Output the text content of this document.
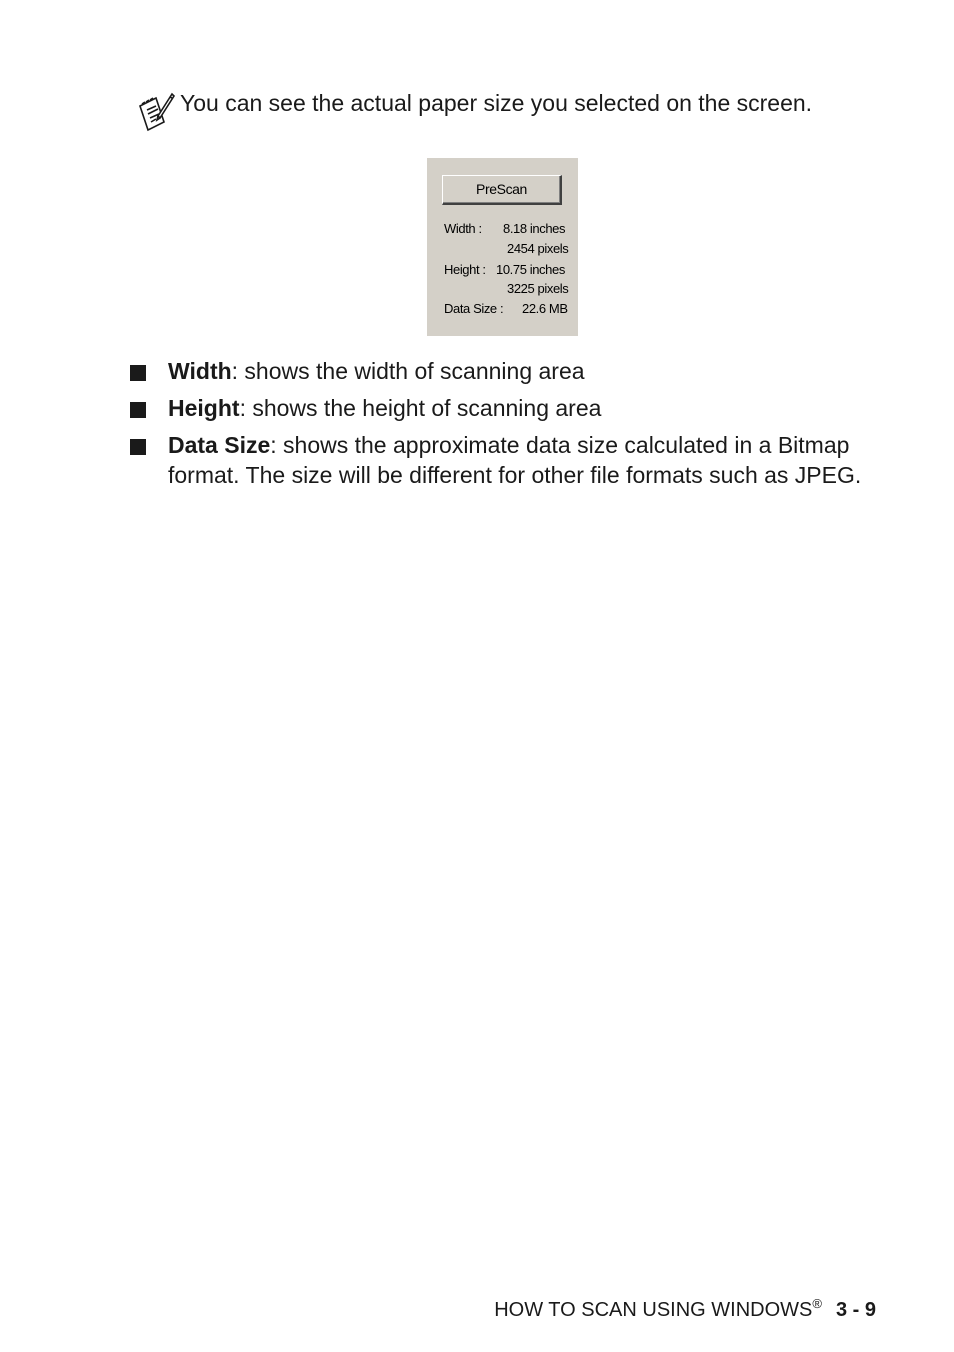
You can see the actual paper size you selected on the screen.
PreScan
Width : 8.18 inches
2454 pixels
Height : 10.75 inches
3225 pixels
Data Size : 22.6 MB
Width: shows the width of scanning area
Height: shows the height of scanning area
Data Size: shows the approximate data size calculated in a Bitmap format. The size will be different for other file formats such as JPEG.
HOW TO SCAN USING WINDOWS® 3 - 9
